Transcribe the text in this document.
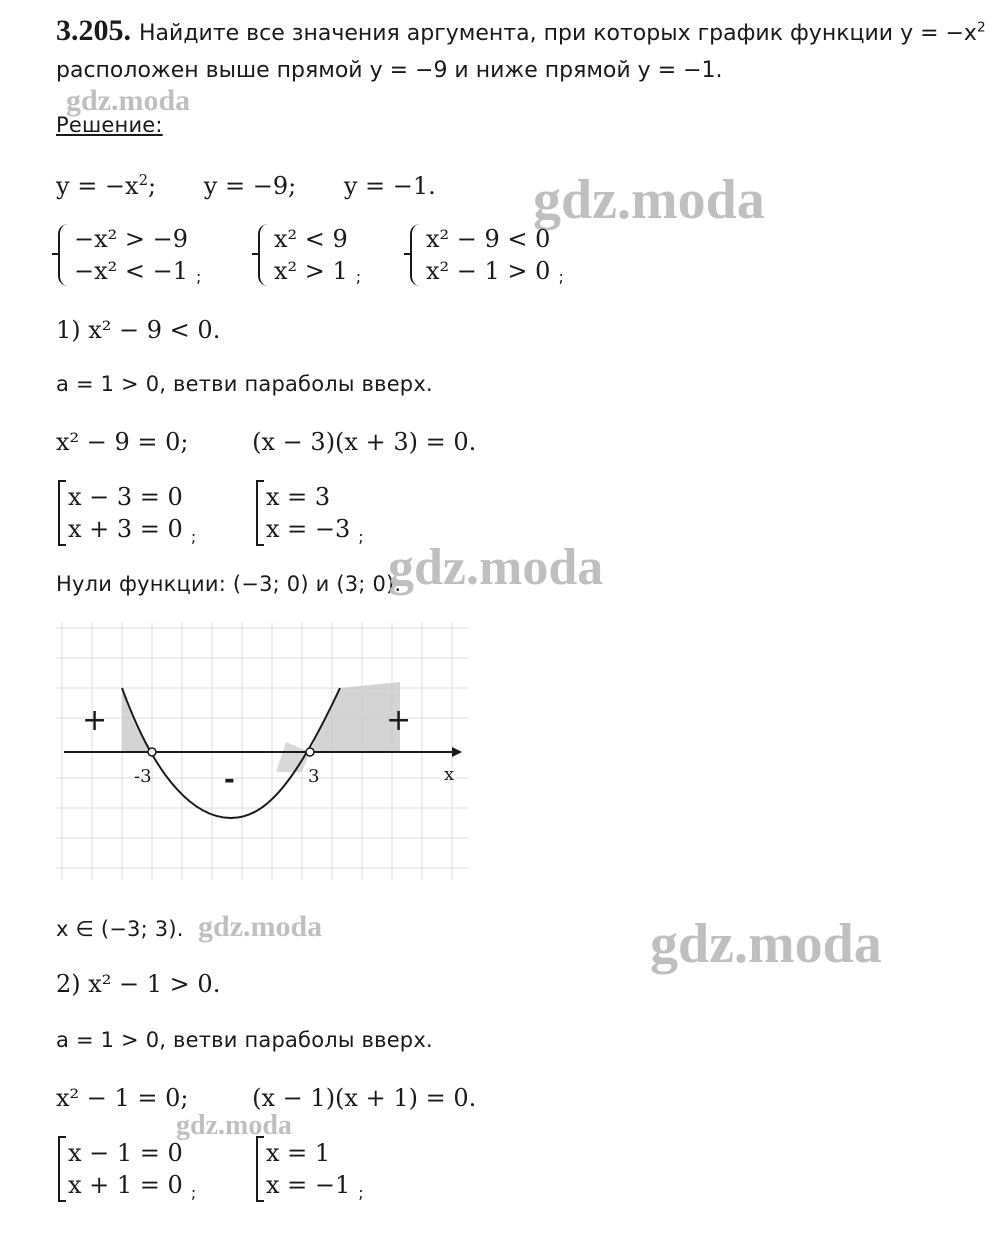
3.205. Найдите все значения аргумента, при которых график функции $y = -x^2$
расположен выше прямой y = −9 и ниже прямой y = −1.
gdz.moda
Решение:
$y = -x^2$; y = −9; y = −1. gdz.moda
−x² > −9
−x² < −1 ;
x² < 9
x² > 1 ;
x² − 9 < 0
x² − 1 > 0 ;
1) x² − 9 < 0.
a = 1 > 0, ветви параболы вверх.
x² − 9 = 0;	(x − 3)(x + 3) = 0.
x − 3 = 0
x + 3 = 0 ;
x = 3
x = −3 ;
Нули функции: (−3; 0) и (3; 0).
gdz.moda
+	+
-
-3	3	x
x ∈ (−3; 3). gdz.moda	gdz.moda
2) x² − 1 > 0.
a = 1 > 0, ветви параболы вверх.
x² − 1 = 0;	(x − 1)(x + 1) = 0.
gdz.moda
x − 1 = 0
x + 1 = 0 ;
x = 1
x = −1 ;
